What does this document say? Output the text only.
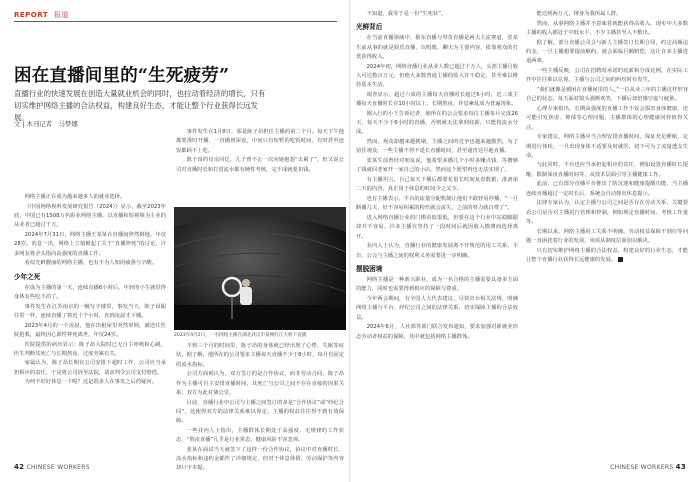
REPORT 报道
困在直播间里的“生死疲劳”

直播行业的快速发展在创造大量就业机会的同时，也拉动着经济的增长，只有切实维护网络主播的合法权益，构建良好生态，才能让整个行业获得长远发展。

文 | 本刊记者　马梦娜

网络主播正在成为越来越多人的就业选择。

《中国网络视听发展研究报告（2024）》显示，截至2023年底，中国已有1508万名职业网络主播，以直播和短视频为主业的从业者已超过千万。

2024年7月31日，网络主播王某某在直播间猝然倒地，年仅28岁。消息一出，网络上立刻掀起了关于“直播猝死”的讨论，许多网友将矛头指向高强度的直播工作。

看似光鲜靓丽的网络主播，也有不为人知的疲惫与辛酸。

少年之死

在成为主播的第一天，连续直播6小时后，年轻的小生就觉得身体有些吃不消了。

事件发生在江苏南京的一幢写字楼里，事发当天，陈子昂跟往常一样，连续直播了将近十个小时，直到凌晨才下播。

2023年4月的一个凌晨，他在出租屋里突然晕倒，被送往医院抢救，最终因心源性猝死离世，年仅24岁。

医院提供的病历显示：陈子昂入院时已无自主呼吸和心跳，医生判断其死亡与长期熬夜、过度劳累有关。

家属认为，陈子昂长期在公司安排下超时工作，公司应当承担相应的责任，于是将公司诉至法院，请求判令公司支付赔偿。

为何不好好休息一下呢？这是很多人在事发之后的疑问。

事件发生在1月8日，那是陈子昂担任主播的第二个月。每天下午他都要准时开播，一直播到深夜，中间只有短暂的吃饭时间，有时甚至连饭都顾不上吃。

陈子昂的母亲回忆，儿子曾不止一次向她抱怨“太累了”，但又说公司对直播时长和打赏流水都有硬性考核，完不成就要扣钱。

2023年4月2日，一名网络主播在湖北武汉市某网红江大桥下直播

不到三个月的时间里，陈子昂的身体就已经出现了心悸、失眠等症状。据了解，他所在的公司要求主播每天直播不少于8小时，每月有固定的流水指标。

公司方面则认为，双方签订的是合作协议，而非劳动合同，陈子昂作为主播可自主安排直播时间，其死亡与公司之间不存在直接的因果关系，双方为此对簿公堂。

目前，直播行业中公司与主播之间签订的多是“合作协议”或“经纪合同”，这使得双方的法律关系难以界定，主播的权益往往得不到有效保障。

一些业内人士指出，主播群体长期处于高强度、无规律的工作状态，“熬夜直播”几乎是行业常态，健康风险不容忽视。

张某在面试当天就签下了这样一份合作协议，协议中对直播时长、流水指标和违约金都作了详细规定，但对于休息休假、劳动保护等内容却只字未提。

不知道，我等于是一份“生死状”。

光鲜背后

在当前直播领域中，据东直播与带货直播是两大主流赛道，张某生前从事的就是娱乐直播，以唱歌、聊天为主要内容，依靠观众的打赏获得收入。

2024年初，网络直播行业从业人数已超过千万人，头部主播月收入可达数百万元，但绝大多数普通主播的收入并不稳定，甚至难以维持基本生活。

调查显示，超过六成的主播每天直播时长超过6小时，近三成主播每天直播时长在10小时以上，长期熬夜、作息紊乱成为普遍现象。

刚入行的小王告诉记者，她所在的公会要求每位主播每月完成26天、每天不少于6小时的直播，否则就无法拿到底薪，只能按流水分成。

然而，观众却越来越挑剔，主播之间的竞争也越来越激烈。为了留住观众，一些主播不得不延长直播时间，甚至通宵达旦地直播。

张某生前曾经对朋友说，他希望多播几个小时多赚点钱，等攒够了钱就回老家开一家自己的小店，然而这个愿望再也无法实现了。

有主播坦言，自己每天下播后都要花很长时间复盘数据、准备第二天的内容，真正用于休息的时间少之又少。

也有主播表示，平台的流量分配机制让他们不敢轻易停播，“一旦断播几天，好不容易积累的粉丝就会流失，之前的努力就白费了”。

进入网络直播行业的门槛看似很低，但要在这个行业中站稳脚跟却并不容易，许多主播在坚持了一段时间后就因收入微薄而选择离开。

业内人士认为，直播行业的健康发展离不开规范的用工关系，平台、公会与主播之间的权利义务需要进一步明确。

摆脱困境

网络主播是一种新兴职业，成为一名合格的主播需要具备多方面的能力，同时也需要得到相应的保障与尊重。

今年两会期间，有全国人大代表建议，尽快出台相关法规，明确网络主播与平台、经纪公司之间的法律关系，切实保障主播的合法权益。

2024年6月，人社部等部门联合发布通知，要求加强对新就业形态劳动者权益的保障，其中就包括网络主播群体。

能达到两万元，撑身为我所属人群。

然而，从事网络主播并不意味着就能获得高收入，现实中大多数主播的收入都处于中低水平，不少主播甚至入不敷出。

据了解，部分直播公司会与新人主播签订长期合同，约定高额违约金，一旦主播想要提前解约，就会面临巨额赔偿，这让许多主播进退两难。

一些主播反映，公司在招聘时承诺的底薪和分成比例，在实际工作中往往难以兑现，主播与公司之间的纠纷时有发生。

“我们就像是被困在直播间里的人。”一位从业三年的主播这样形容自己的状态，每天面对镜头强颜欢笑，下播后却倍感空虚与疲惫。

心理专家指出，长期高强度的直播工作不仅会损害身体健康，还可能引发焦虑、抑郁等心理问题，主播群体的心理健康同样值得关注。

专家建议，网络主播应当合理安排直播时间，保证充足睡眠，定期进行体检，一旦出现身体不适要及时就医，切不可为了流量透支生命。

与此同时，平台也应当承担起相应的责任，例如设置直播时长提醒、限制深夜直播时间等，从技术层面引导主播健康工作。

此前，已有部分直播平台推出了防沉迷和健康提醒功能，当主播连续直播超过一定时长后，系统会自动弹出休息提示。

法律专家认为，认定主播与公司之间是否存在劳动关系，关键要看公司是否对主播进行管理和控制，例如规定直播时间、考核工作量等。

长期以来，网络主播用工关系不明确、劳动权益保障不到位等问题一直困扰着行业的发展，亟需从制度层面加以解决。

只有切实维护网络主播的合法权益，构建良好的行业生态，才能让整个直播行业获得长远健康的发展。

42 CHINESE WORKERS	CHINESE WORKERS 43
